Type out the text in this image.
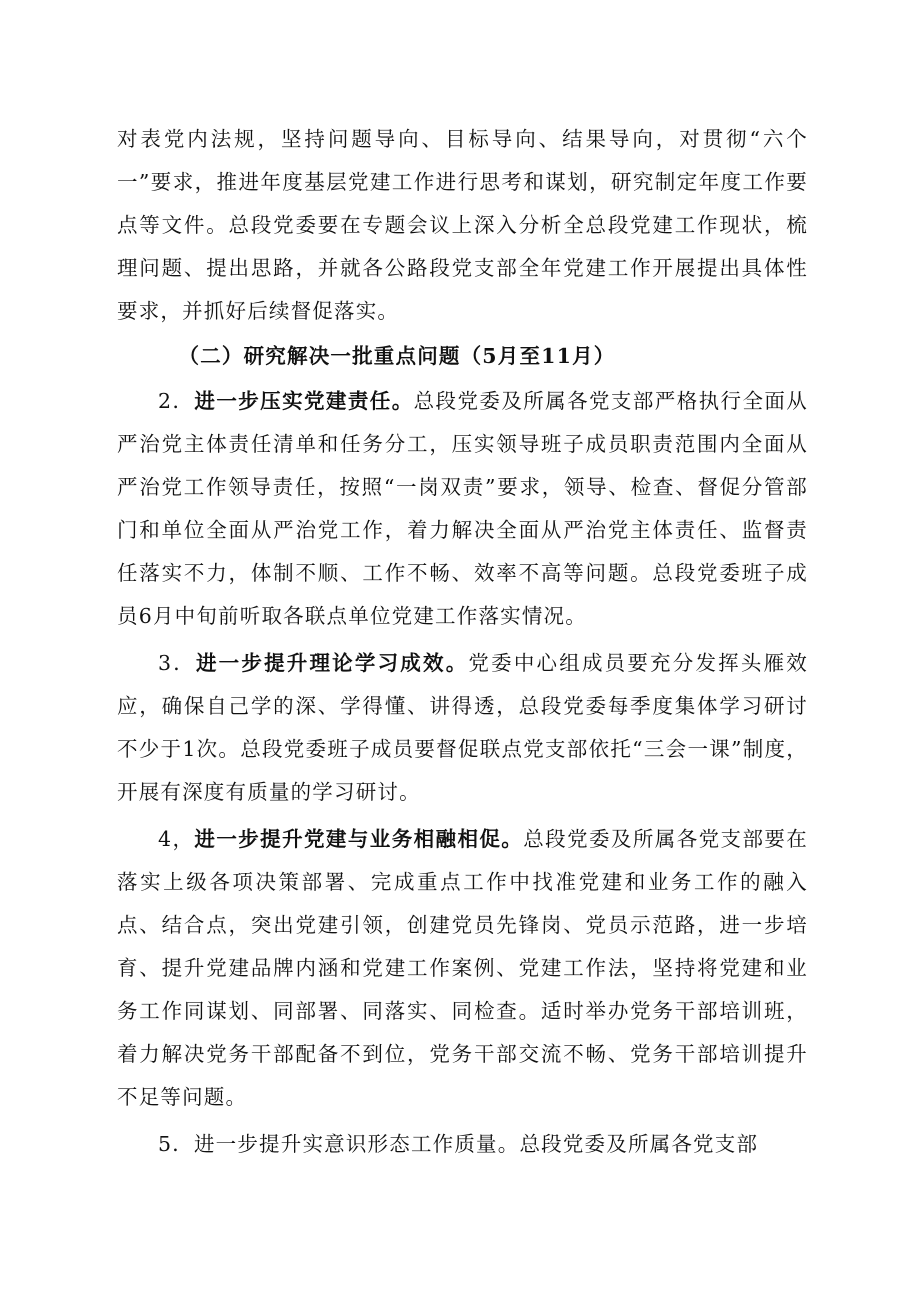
对表党内法规，坚持问题导向、目标导向、结果导向，对贯彻“六个一”要求，推进年度基层党建工作进行思考和谋划，研究制定年度工作要点等文件。总段党委要在专题会议上深入分析全总段党建工作现状，梳理问题、提出思路，并就各公路段党支部全年党建工作开展提出具体性要求，并抓好后续督促落实。

（二）研究解决一批重点问题（5月至11月）

2．进一步压实党建责任。总段党委及所属各党支部严格执行全面从严治党主体责任清单和任务分工，压实领导班子成员职责范围内全面从严治党工作领导责任，按照“一岗双责”要求，领导、检查、督促分管部门和单位全面从严治党工作，着力解决全面从严治党主体责任、监督责任落实不力，体制不顺、工作不畅、效率不高等问题。总段党委班子成员6月中旬前听取各联点单位党建工作落实情况。

3．进一步提升理论学习成效。党委中心组成员要充分发挥头雁效应，确保自己学的深、学得懂、讲得透，总段党委每季度集体学习研讨不少于1次。总段党委班子成员要督促联点党支部依托“三会一课”制度，开展有深度有质量的学习研讨。

4，进一步提升党建与业务相融相促。总段党委及所属各党支部要在落实上级各项决策部署、完成重点工作中找准党建和业务工作的融入点、结合点，突出党建引领，创建党员先锋岗、党员示范路，进一步培育、提升党建品牌内涵和党建工作案例、党建工作法，坚持将党建和业务工作同谋划、同部署、同落实、同检查。适时举办党务干部培训班，着力解决党务干部配备不到位，党务干部交流不畅、党务干部培训提升不足等问题。

5．进一步提升实意识形态工作质量。总段党委及所属各党支部
